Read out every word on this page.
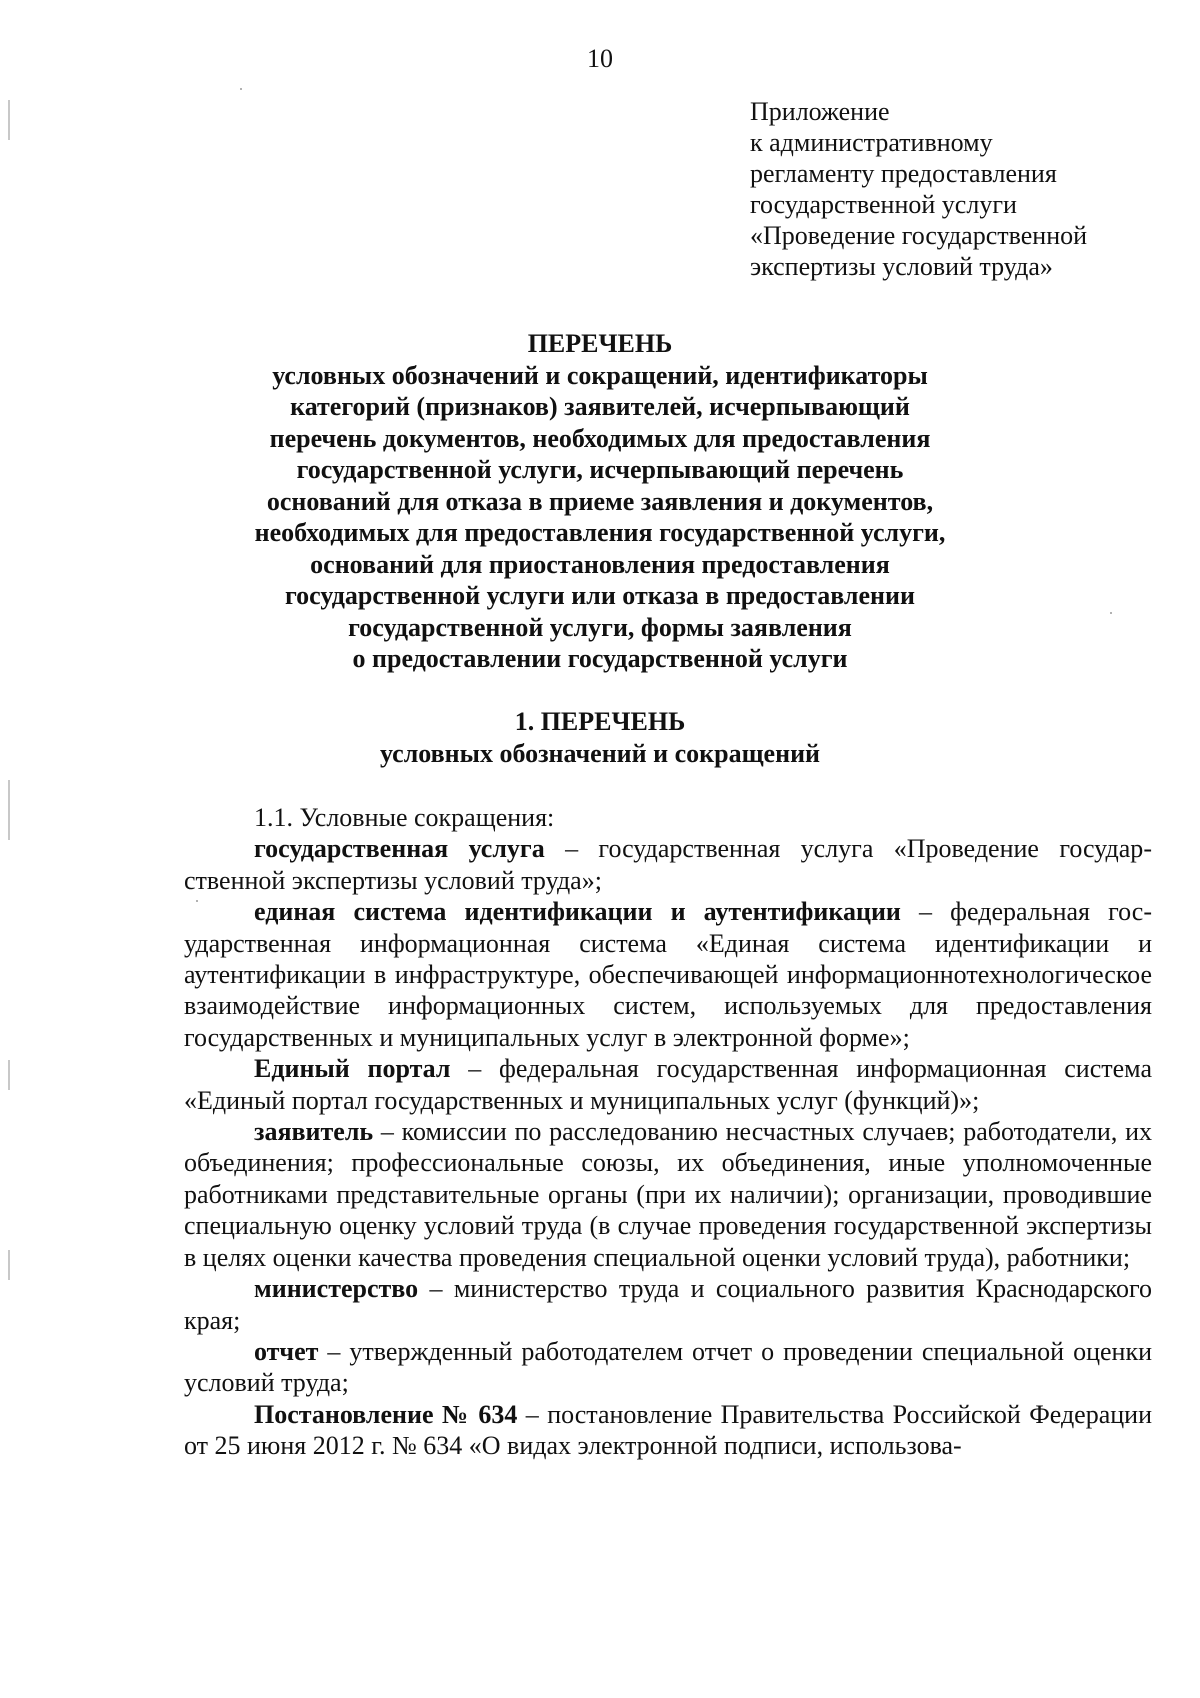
10
Приложение
к административному
регламенту предоставления
государственной услуги
«Проведение государственной
экспертизы условий труда»
ПЕРЕЧЕНЬ
условных обозначений и сокращений, идентификаторы
категорий (признаков) заявителей, исчерпывающий
перечень документов, необходимых для предоставления
государственной услуги, исчерпывающий перечень
оснований для отказа в приеме заявления и документов,
необходимых для предоставления государственной услуги,
оснований для приостановления предоставления
государственной услуги или отказа в предоставлении
государственной услуги, формы заявления
о предоставлении государственной услуги
1. ПЕРЕЧЕНЬ
условных обозначений и сокращений

1.1. Условные сокращения:

государственная услуга – государственная услуга «Проведение государственной экспертизы условий труда»;

единая система идентификации и аутентификации – федеральная государственная информационная система «Единая система идентификации и аутентификации в инфраструктуре, обеспечивающей информационнотехнологическое взаимодействие информационных систем, используемых для предоставления государственных и муниципальных услуг в электронной форме»;

Единый портал – федеральная государственная информационная система «Единый портал государственных и муниципальных услуг (функций)»;

заявитель – комиссии по расследованию несчастных случаев; работодатели, их объединения; профессиональные союзы, их объединения, иные уполномоченные работниками представительные органы (при их наличии); организации, проводившие специальную оценку условий труда (в случае проведения государственной экспертизы в целях оценки качества проведения специальной оценки условий труда), работники;

министерство – министерство труда и социального развития Краснодарского края;

отчет – утвержденный работодателем отчет о проведении специальной оценки условий труда;

Постановление № 634 – постановление Правительства Российской Федерации от 25 июня 2012 г. № 634 «О видах электронной подписи, использова-
